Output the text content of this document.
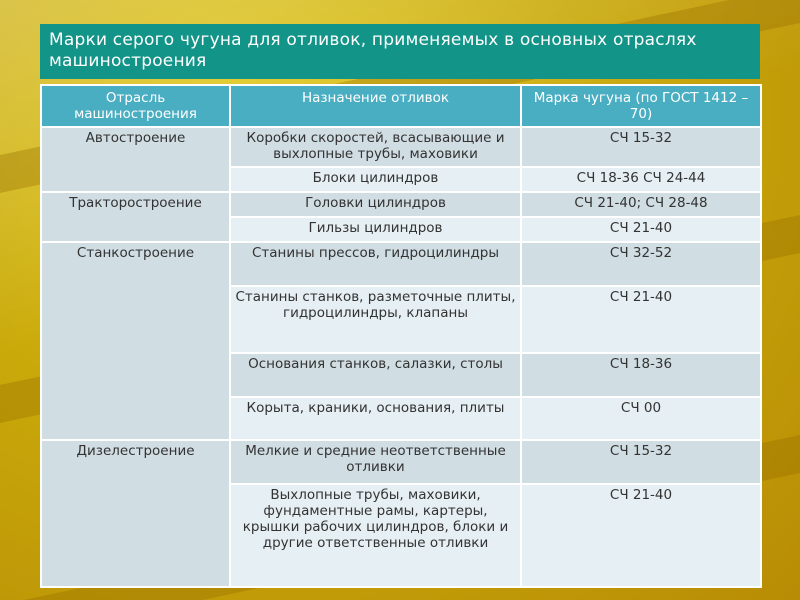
Марки серого чугуна для отливок, применяемых в основных отраслях машиностроения
Отрасль машиностроения	Назначение отливок	Марка чугуна (по ГОСТ 1412 – 70)
Автостроение	Коробки скоростей, всасывающие и выхлопные трубы, маховики	СЧ 15-32
	Блоки цилиндров	СЧ 18-36 СЧ 24-44
Тракторостроение	Головки цилиндров	СЧ 21-40; СЧ 28-48
	Гильзы цилиндров	СЧ 21-40
Станкостроение	Станины прессов, гидроцилиндры	СЧ 32-52
	Станины станков, разметочные плиты, гидроцилиндры, клапаны	СЧ 21-40
	Основания станков, салазки, столы	СЧ 18-36
	Корыта, краники, основания, плиты	СЧ 00
Дизелестроение	Мелкие и средние неответственные отливки	СЧ 15-32
	Выхлопные трубы, маховики, фундаментные рамы, картеры, крышки рабочих цилиндров, блоки и другие ответственные отливки	СЧ 21-40
